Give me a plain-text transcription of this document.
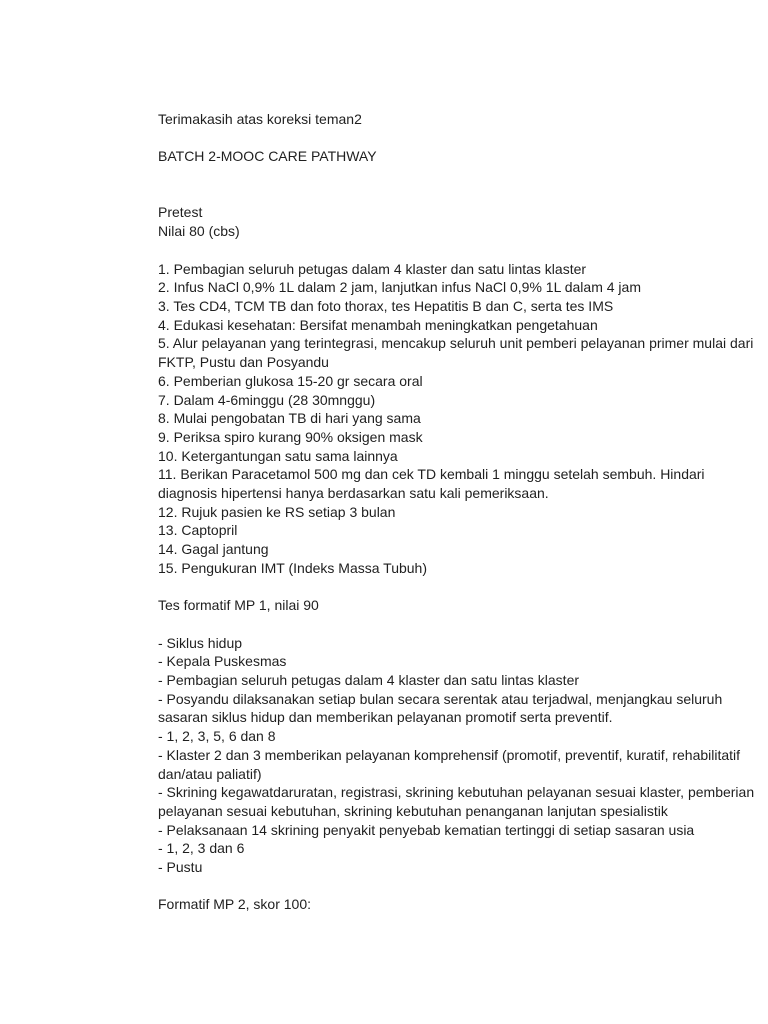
Terimakasih atas koreksi teman2

BATCH 2-MOOC CARE PATHWAY

Pretest

Nilai 80 (cbs)

1. Pembagian seluruh petugas dalam 4 klaster dan satu lintas klaster

2. Infus NaCl 0,9% 1L dalam 2 jam, lanjutkan infus NaCl 0,9% 1L dalam 4 jam

3. Tes CD4, TCM TB dan foto thorax, tes Hepatitis B dan C, serta tes IMS

4. Edukasi kesehatan: Bersifat menambah meningkatkan pengetahuan

5. Alur pelayanan yang terintegrasi, mencakup seluruh unit pemberi pelayanan primer mulai dari FKTP, Pustu dan Posyandu

6. Pemberian glukosa 15-20 gr secara oral

7. Dalam 4-6minggu (28 30mnggu)

8. Mulai pengobatan TB di hari yang sama

9. Periksa spiro kurang 90% oksigen mask

10. Ketergantungan satu sama lainnya

11. Berikan Paracetamol 500 mg dan cek TD kembali 1 minggu setelah sembuh. Hindari diagnosis hipertensi hanya berdasarkan satu kali pemeriksaan.

12. Rujuk pasien ke RS setiap 3 bulan

13. Captopril

14. Gagal jantung

15. Pengukuran IMT (Indeks Massa Tubuh)

Tes formatif MP 1, nilai 90

- Siklus hidup

- Kepala Puskesmas

- Pembagian seluruh petugas dalam 4 klaster dan satu lintas klaster

- Posyandu dilaksanakan setiap bulan secara serentak atau terjadwal, menjangkau seluruh sasaran siklus hidup dan memberikan pelayanan promotif serta preventif.

- 1, 2, 3, 5, 6 dan 8

- Klaster 2 dan 3 memberikan pelayanan komprehensif (promotif, preventif, kuratif, rehabilitatif dan/atau paliatif)

- Skrining kegawatdaruratan, registrasi, skrining kebutuhan pelayanan sesuai klaster, pemberian pelayanan sesuai kebutuhan, skrining kebutuhan penanganan lanjutan spesialistik

- Pelaksanaan 14 skrining penyakit penyebab kematian tertinggi di setiap sasaran usia

- 1, 2, 3 dan 6

- Pustu

Formatif MP 2, skor 100:
